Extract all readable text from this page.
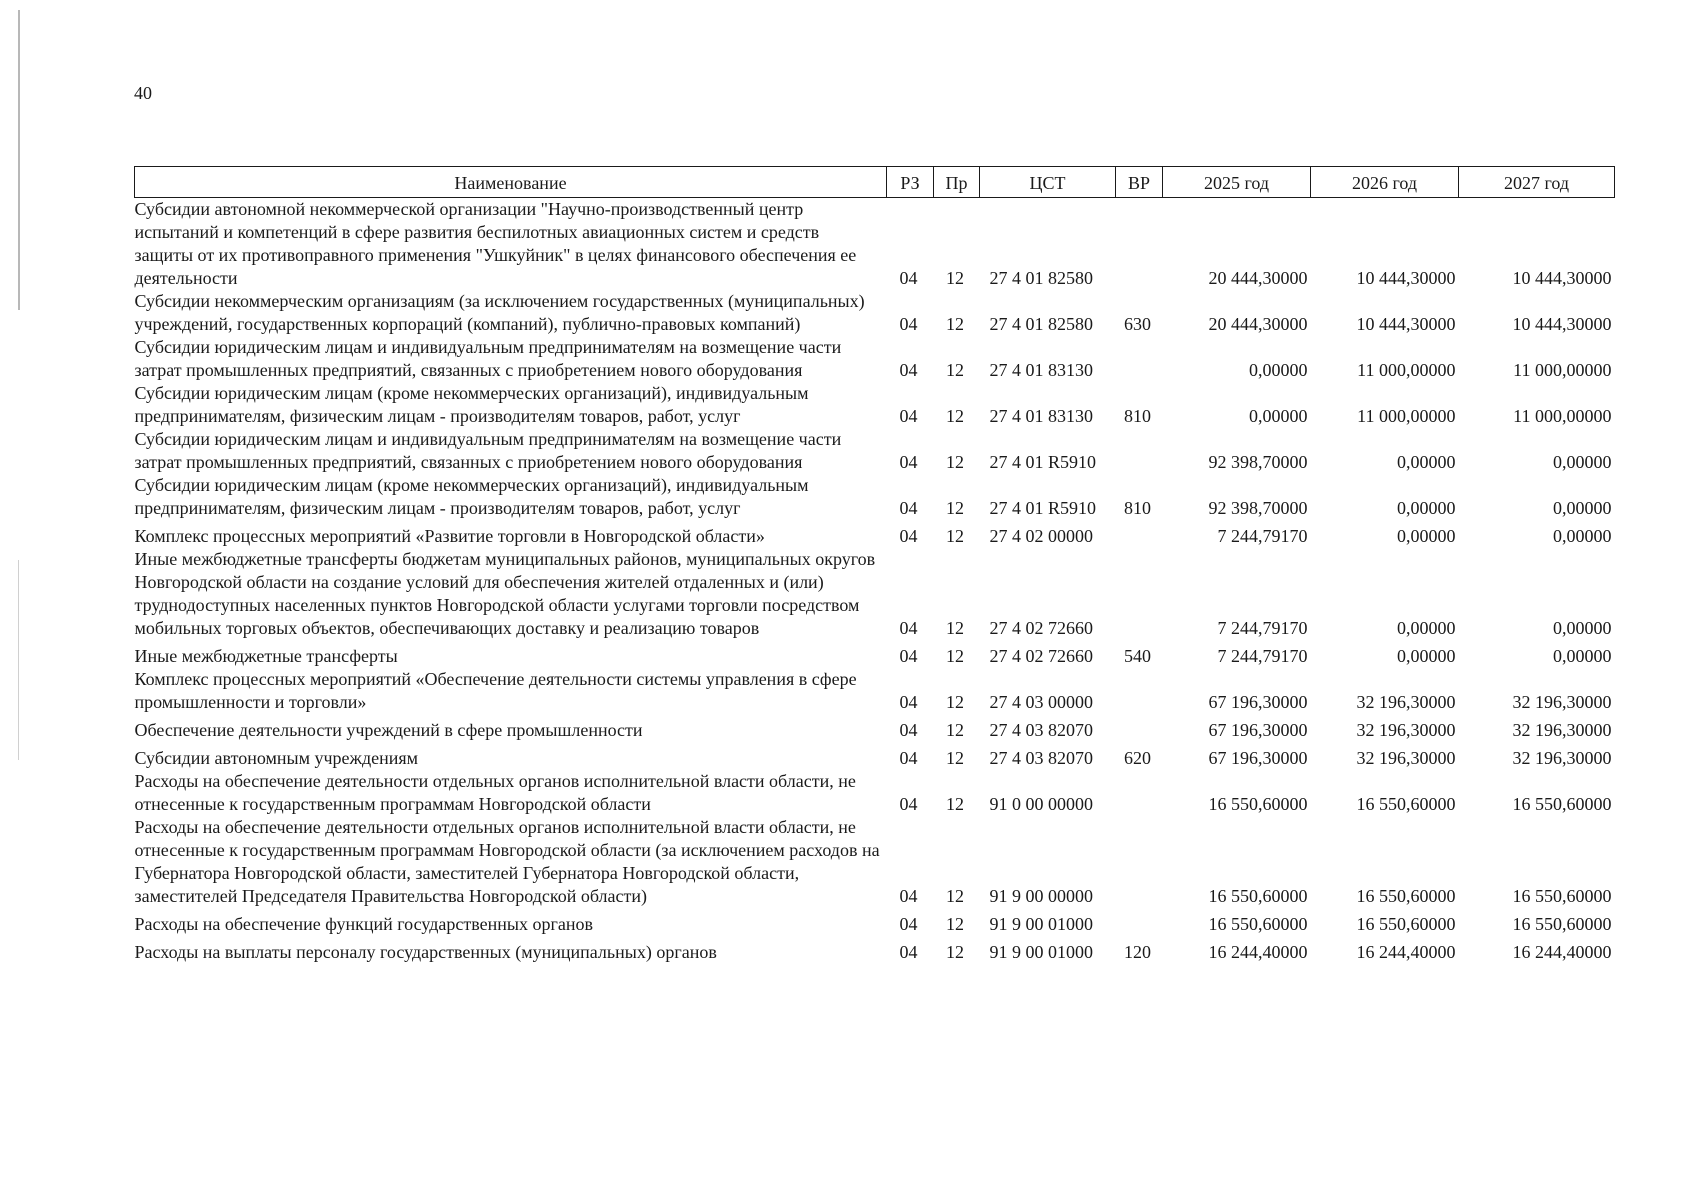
40
Наименование	РЗ	Пр	ЦСТ	ВР	2025 год	2026 год	2027 год
Субсидии автономной некоммерческой организации "Научно-производственный центр испытаний и компетенций в сфере развития беспилотных авиационных систем и средств защиты от их противоправного применения "Ушкуйник" в целях финансового обеспечения ее деятельности	04	12	27 4 01 82580		20 444,30000	10 444,30000	10 444,30000
Субсидии некоммерческим организациям (за исключением государственных (муниципальных) учреждений, государственных корпораций (компаний), публично-правовых компаний)	04	12	27 4 01 82580	630	20 444,30000	10 444,30000	10 444,30000
Субсидии юридическим лицам и индивидуальным предпринимателям на возмещение части затрат промышленных предприятий, связанных с приобретением нового оборудования	04	12	27 4 01 83130		0,00000	11 000,00000	11 000,00000
Субсидии юридическим лицам (кроме некоммерческих организаций), индивидуальным предпринимателям, физическим лицам - производителям товаров, работ, услуг	04	12	27 4 01 83130	810	0,00000	11 000,00000	11 000,00000
Субсидии юридическим лицам и индивидуальным предпринимателям на возмещение части затрат промышленных предприятий, связанных с приобретением нового оборудования	04	12	27 4 01 R5910		92 398,70000	0,00000	0,00000
Субсидии юридическим лицам (кроме некоммерческих организаций), индивидуальным предпринимателям, физическим лицам - производителям товаров, работ, услуг	04	12	27 4 01 R5910	810	92 398,70000	0,00000	0,00000
Комплекс процессных мероприятий «Развитие торговли в Новгородской области»	04	12	27 4 02 00000		7 244,79170	0,00000	0,00000
Иные межбюджетные трансферты бюджетам муниципальных районов, муниципальных округов Новгородской области на создание условий для обеспечения жителей отдаленных и (или) труднодоступных населенных пунктов Новгородской области услугами торговли посредством мобильных торговых объектов, обеспечивающих доставку и реализацию товаров	04	12	27 4 02 72660		7 244,79170	0,00000	0,00000
Иные межбюджетные трансферты	04	12	27 4 02 72660	540	7 244,79170	0,00000	0,00000
Комплекс процессных мероприятий «Обеспечение деятельности системы управления в сфере промышленности и торговли»	04	12	27 4 03 00000		67 196,30000	32 196,30000	32 196,30000
Обеспечение деятельности учреждений в сфере промышленности	04	12	27 4 03 82070		67 196,30000	32 196,30000	32 196,30000
Субсидии автономным учреждениям	04	12	27 4 03 82070	620	67 196,30000	32 196,30000	32 196,30000
Расходы на обеспечение деятельности отдельных органов исполнительной власти области, не отнесенные к государственным программам Новгородской области	04	12	91 0 00 00000		16 550,60000	16 550,60000	16 550,60000
Расходы на обеспечение деятельности отдельных органов исполнительной власти области, не отнесенные к государственным программам Новгородской области (за исключением расходов на Губернатора Новгородской области, заместителей Губернатора Новгородской области, заместителей Председателя Правительства Новгородской области)	04	12	91 9 00 00000		16 550,60000	16 550,60000	16 550,60000
Расходы на обеспечение функций государственных органов	04	12	91 9 00 01000		16 550,60000	16 550,60000	16 550,60000
Расходы на выплаты персоналу государственных (муниципальных) органов	04	12	91 9 00 01000	120	16 244,40000	16 244,40000	16 244,40000
